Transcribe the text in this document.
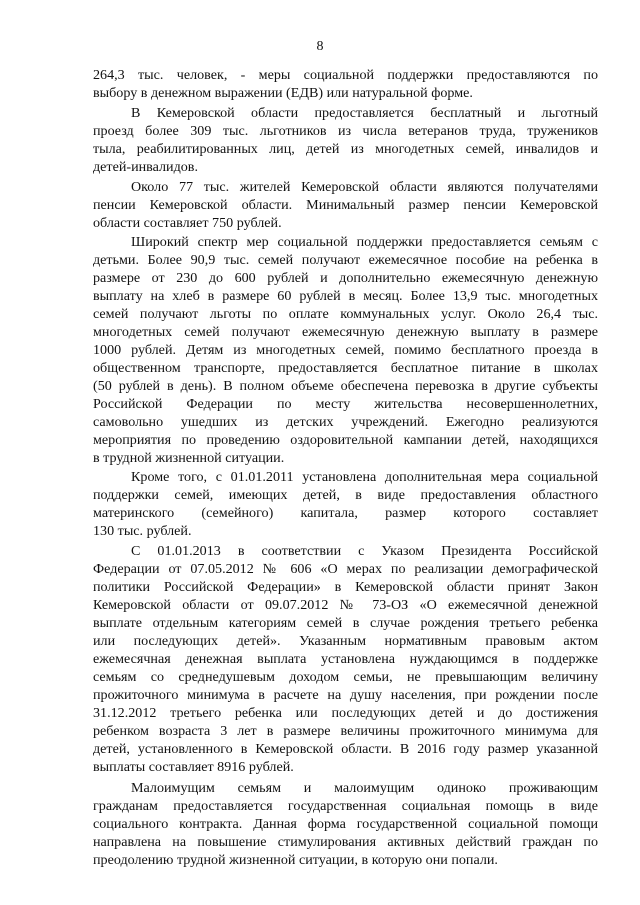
8
264,3 тыс. человек, - меры социальной поддержки предоставляются по
выбору в денежном выражении (ЕДВ) или натуральной форме.
В Кемеровской области предоставляется бесплатный и льготный
проезд более 309 тыс. льготников из числа ветеранов труда, тружеников
тыла, реабилитированных лиц, детей из многодетных семей, инвалидов и
детей-инвалидов.
Около 77 тыс. жителей Кемеровской области являются получателями
пенсии Кемеровской области. Минимальный размер пенсии Кемеровской
области составляет 750 рублей.
Широкий спектр мер социальной поддержки предоставляется семьям с
детьми. Более 90,9 тыс. семей получают ежемесячное пособие на ребенка в
размере от 230 до 600 рублей и дополнительно ежемесячную денежную
выплату на хлеб в размере 60 рублей в месяц. Более 13,9 тыс. многодетных
семей получают льготы по оплате коммунальных услуг. Около 26,4 тыс.
многодетных семей получают ежемесячную денежную выплату в размере
1000 рублей. Детям из многодетных семей, помимо бесплатного проезда в
общественном транспорте, предоставляется бесплатное питание в школах
(50 рублей в день). В полном объеме обеспечена перевозка в другие субъекты
Российской Федерации по месту жительства несовершеннолетних,
самовольно ушедших из детских учреждений. Ежегодно реализуются
мероприятия по проведению оздоровительной кампании детей, находящихся
в трудной жизненной ситуации.
Кроме того, с 01.01.2011 установлена дополнительная мера социальной
поддержки семей, имеющих детей, в виде предоставления областного
материнского (семейного) капитала, размер которого составляет
130 тыс. рублей.
С 01.01.2013 в соответствии с Указом Президента Российской
Федерации от 07.05.2012 № 606 «О мерах по реализации демографической
политики Российской Федерации» в Кемеровской области принят Закон
Кемеровской области от 09.07.2012 № 73-ОЗ «О ежемесячной денежной
выплате отдельным категориям семей в случае рождения третьего ребенка
или последующих детей». Указанным нормативным правовым актом
ежемесячная денежная выплата установлена нуждающимся в поддержке
семьям со среднедушевым доходом семьи, не превышающим величину
прожиточного минимума в расчете на душу населения, при рождении после
31.12.2012 третьего ребенка или последующих детей и до достижения
ребенком возраста 3 лет в размере величины прожиточного минимума для
детей, установленного в Кемеровской области. В 2016 году размер указанной
выплаты составляет 8916 рублей.
Малоимущим семьям и малоимущим одиноко проживающим
гражданам предоставляется государственная социальная помощь в виде
социального контракта. Данная форма государственной социальной помощи
направлена на повышение стимулирования активных действий граждан по
преодолению трудной жизненной ситуации, в которую они попали.
